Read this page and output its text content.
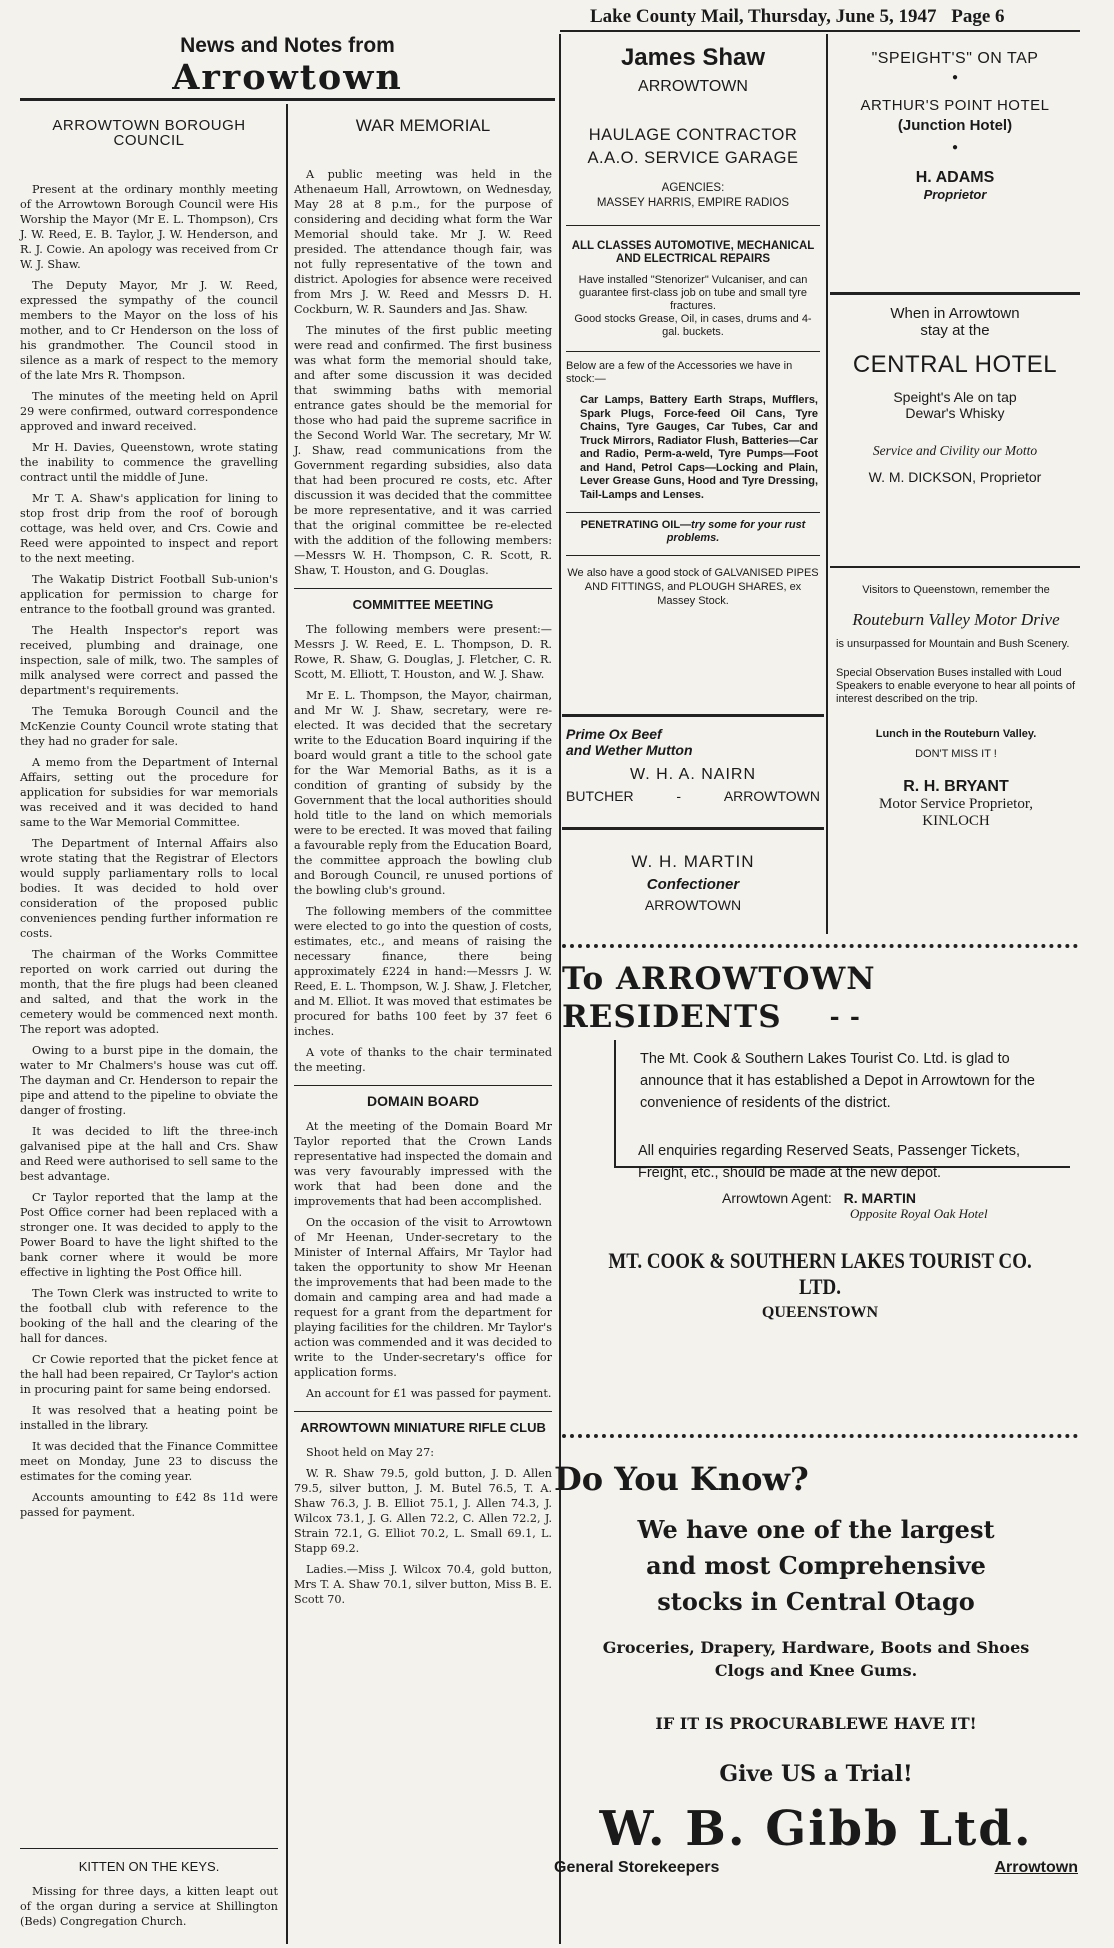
Lake County Mail, Thursday, June 5, 1947 Page 6
News and Notes from
Arrowtown
ARROWTOWN BOROUGH COUNCIL

Present at the ordinary monthly meeting of the Arrowtown Borough Council were His Worship the Mayor (Mr E. L. Thompson), Crs J. W. Reed, E. B. Taylor, J. W. Henderson, and R. J. Cowie. An apology was received from Cr W. J. Shaw.

The Deputy Mayor, Mr J. W. Reed, expressed the sympathy of the council members to the Mayor on the loss of his mother, and to Cr Henderson on the loss of his grandmother. The Council stood in silence as a mark of respect to the memory of the late Mrs R. Thompson.

The minutes of the meeting held on April 29 were confirmed, outward correspondence approved and inward received.

Mr H. Davies, Queenstown, wrote stating the inability to commence the gravelling contract until the middle of June.

Mr T. A. Shaw's application for lining to stop frost drip from the roof of borough cottage, was held over, and Crs. Cowie and Reed were appointed to inspect and report to the next meeting.

The Wakatip District Football Sub-union's application for permission to charge for entrance to the football ground was granted.

The Health Inspector's report was received, plumbing and drainage, one inspection, sale of milk, two. The samples of milk analysed were correct and passed the department's requirements.

The Temuka Borough Council and the McKenzie County Council wrote stating that they had no grader for sale.

A memo from the Department of Internal Affairs, setting out the procedure for application for subsidies for war memorials was received and it was decided to hand same to the War Memorial Committee.

The Department of Internal Affairs also wrote stating that the Registrar of Electors would supply parliamentary rolls to local bodies. It was decided to hold over consideration of the proposed public conveniences pending further information re costs.

The chairman of the Works Committee reported on work carried out during the month, that the fire plugs had been cleaned and salted, and that the work in the cemetery would be commenced next month. The report was adopted.

Owing to a burst pipe in the domain, the water to Mr Chalmers's house was cut off. The dayman and Cr. Henderson to repair the pipe and attend to the pipeline to obviate the danger of frosting.

It was decided to lift the three-inch galvanised pipe at the hall and Crs. Shaw and Reed were authorised to sell same to the best advantage.

Cr Taylor reported that the lamp at the Post Office corner had been replaced with a stronger one. It was decided to apply to the Power Board to have the light shifted to the bank corner where it would be more effective in lighting the Post Office hill.

The Town Clerk was instructed to write to the football club with reference to the booking of the hall and the clearing of the hall for dances.

Cr Cowie reported that the picket fence at the hall had been repaired, Cr Taylor's action in procuring paint for same being endorsed.

It was resolved that a heating point be installed in the library.

It was decided that the Finance Committee meet on Monday, June 23 to discuss the estimates for the coming year.

Accounts amounting to £42 8s 11d were passed for payment.

KITTEN ON THE KEYS.

Missing for three days, a kitten leapt out of the organ during a service at Shillington (Beds) Congregation Church.

WAR MEMORIAL

A public meeting was held in the Athenaeum Hall, Arrowtown, on Wednesday, May 28 at 8 p.m., for the purpose of considering and deciding what form the War Memorial should take. Mr J. W. Reed presided. The attendance though fair, was not fully representative of the town and district. Apologies for absence were received from Mrs J. W. Reed and Messrs D. H. Cockburn, W. R. Saunders and Jas. Shaw.

The minutes of the first public meeting were read and confirmed. The first business was what form the memorial should take, and after some discussion it was decided that swimming baths with memorial entrance gates should be the memorial for those who had paid the supreme sacrifice in the Second World War. The secretary, Mr W. J. Shaw, read communications from the Government regarding subsidies, also data that had been procured re costs, etc. After discussion it was decided that the committee be more representative, and it was carried that the original committee be re-elected with the addition of the following members:—Messrs W. H. Thompson, C. R. Scott, R. Shaw, T. Houston, and G. Douglas.

COMMITTEE MEETING

The following members were present:—Messrs J. W. Reed, E. L. Thompson, D. R. Rowe, R. Shaw, G. Douglas, J. Fletcher, C. R. Scott, M. Elliott, T. Houston, and W. J. Shaw.

Mr E. L. Thompson, the Mayor, chairman, and Mr W. J. Shaw, secretary, were re-elected. It was decided that the secretary write to the Education Board inquiring if the board would grant a title to the school gate for the War Memorial Baths, as it is a condition of granting of subsidy by the Government that the local authorities should hold title to the land on which memorials were to be erected. It was moved that failing a favourable reply from the Education Board, the committee approach the bowling club and Borough Council, re unused portions of the bowling club's ground.

The following members of the committee were elected to go into the question of costs, estimates, etc., and means of raising the necessary finance, there being approximately £224 in hand:—Messrs J. W. Reed, E. L. Thompson, W. J. Shaw, J. Fletcher, and M. Elliot. It was moved that estimates be procured for baths 100 feet by 37 feet 6 inches.

A vote of thanks to the chair terminated the meeting.

DOMAIN BOARD

At the meeting of the Domain Board Mr Taylor reported that the Crown Lands representative had inspected the domain and was very favourably impressed with the work that had been done and the improvements that had been accomplished.

On the occasion of the visit to Arrowtown of Mr Heenan, Under-secretary to the Minister of Internal Affairs, Mr Taylor had taken the opportunity to show Mr Heenan the improvements that had been made to the domain and camping area and had made a request for a grant from the department for playing facilities for the children. Mr Taylor's action was commended and it was decided to write to the Under-secretary's office for application forms.

An account for £1 was passed for payment.

ARROWTOWN MINIATURE RIFLE CLUB

Shoot held on May 27:

W. R. Shaw 79.5, gold button, J. D. Allen 79.5, silver button, J. M. Butel 76.5, T. A. Shaw 76.3, J. B. Elliot 75.1, J. Allen 74.3, J. Wilcox 73.1, J. G. Allen 72.2, C. Allen 72.2, J. Strain 72.1, G. Elliot 70.2, L. Small 69.1, L. Stapp 69.2.

Ladies.—Miss J. Wilcox 70.4, gold button, Mrs T. A. Shaw 70.1, silver button, Miss B. E. Scott 70.

James Shaw
ARROWTOWN
HAULAGE CONTRACTOR
A.A.O. SERVICE GARAGE
AGENCIES:
MASSEY HARRIS, EMPIRE RADIOS
ALL CLASSES AUTOMOTIVE, MECHANICAL AND ELECTRICAL REPAIRS
Have installed "Stenorizer" Vulcaniser, and can guarantee first-class job on tube and small tyre fractures.
Good stocks Grease, Oil, in cases, drums and 4-gal. buckets.
Below are a few of the Accessories we have in stock:—
Car Lamps, Battery Earth Straps, Mufflers, Spark Plugs, Force-feed Oil Cans, Tyre Chains, Tyre Gauges, Car Tubes, Car and Truck Mirrors, Radiator Flush, Batteries—Car and Radio, Perm-a-weld, Tyre Pumps—Foot and Hand, Petrol Caps—Locking and Plain, Lever Grease Guns, Hood and Tyre Dressing, Tail-Lamps and Lenses.
PENETRATING OIL—try some for your rust problems.
We also have a good stock of GALVANISED PIPES AND FITTINGS, and PLOUGH SHARES, ex Massey Stock.
Prime Ox Beef
and Wether Mutton
W. H. A. NAIRN
BUTCHER	-	ARROWTOWN
W. H. MARTIN
Confectioner
ARROWTOWN
"SPEIGHT'S" ON TAP
●
ARTHUR'S POINT HOTEL
(Junction Hotel)
●
H. ADAMS
Proprietor
When in Arrowtown
stay at the
CENTRAL HOTEL
Speight's Ale on tap
Dewar's Whisky
Service and Civility our Motto
W. M. DICKSON, Proprietor
Visitors to Queenstown, remember the
Routeburn Valley Motor Drive
is unsurpassed for Mountain and Bush Scenery.
Special Observation Buses installed with Loud Speakers to enable everyone to hear all points of interest described on the trip.
Lunch in the Routeburn Valley.
DON'T MISS IT !
R. H. BRYANT
Motor Service Proprietor,
KINLOCH
To ARROWTOWN
RESIDENTS - -
The Mt. Cook & Southern Lakes Tourist Co. Ltd. is glad to announce that it has established a Depot in Arrowtown for the convenience of residents of the district.
All enquiries regarding Reserved Seats, Passenger Tickets, Freight, etc., should be made at the new depot.
Arrowtown Agent: R. MARTIN
Opposite Royal Oak Hotel
MT. COOK & SOUTHERN LAKES TOURIST CO. LTD.
QUEENSTOWN
Do You Know?
We have one of the largest
and most Comprehensive
stocks in Central Otago
Groceries, Drapery, Hardware, Boots and Shoes
Clogs and Knee Gums.
IF IT IS PROCURABLEWE HAVE IT!
Give US a Trial!
W. B. Gibb Ltd.
General Storekeepers	Arrowtown
